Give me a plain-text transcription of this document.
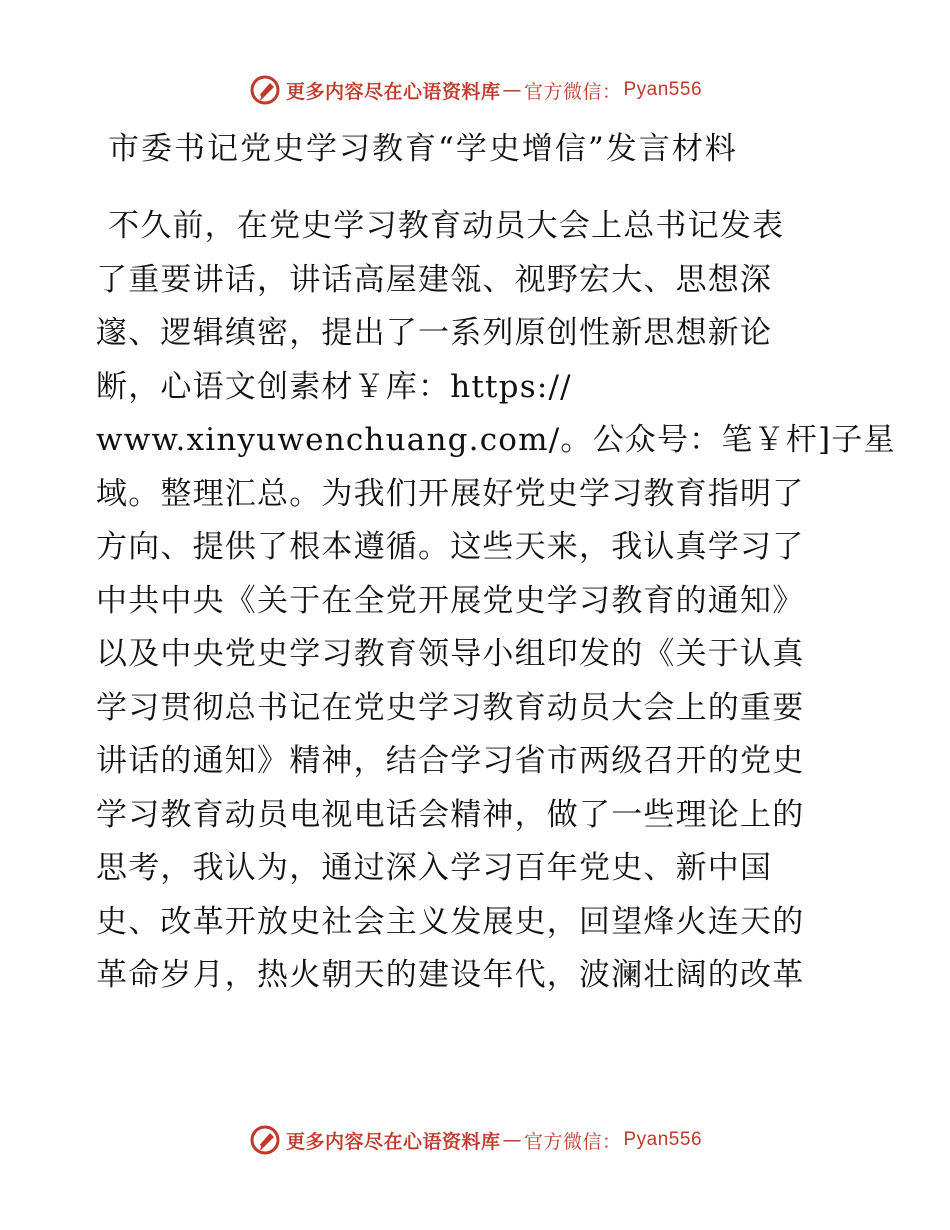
更多内容尽在心语资料库 — 官方微信： Pyan556
市委书记党史学习教育“学史增信”发言材料
不久前，在党史学习教育动员大会上总书记发表
了重要讲话，讲话高屋建瓴、视野宏大、思想深
邃、逻辑缜密，提出了一系列原创性新思想新论
断，心语文创素材￥库：https://
www.xinyuwenchuang.com/。公众号：笔￥杆]子星
域。整理汇总。为我们开展好党史学习教育指明了
方向、提供了根本遵循。这些天来，我认真学习了
中共中央《关于在全党开展党史学习教育的通知》
以及中央党史学习教育领导小组印发的《关于认真
学习贯彻总书记在党史学习教育动员大会上的重要
讲话的通知》精神，结合学习省市两级召开的党史
学习教育动员电视电话会精神，做了一些理论上的
思考，我认为，通过深入学习百年党史、新中国
史、改革开放史社会主义发展史，回望烽火连天的
革命岁月，热火朝天的建设年代，波澜壮阔的改革
更多内容尽在心语资料库 — 官方微信： Pyan556
